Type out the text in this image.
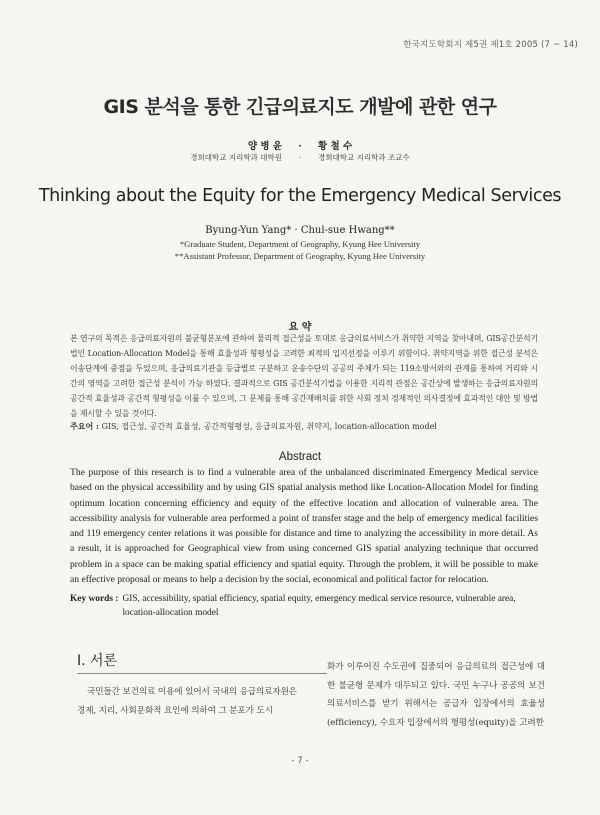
한국지도학회지 제5권 제1호 2005 (7 ~ 14)
GIS 분석을 통한 긴급의료지도 개발에 관한 연구
양 병 윤 · 황 철 수
경희대학교 지리학과 대학원 · 경희대학교 지리학과 조교수
Thinking about the Equity for the Emergency Medical Services
Byung-Yun Yang* · Chul-sue Hwang**
*Graduate Student, Department of Geography, Kyung Hee University
**Assistant Professor, Department of Geography, Kyung Hee University
요 약
본 연구의 목적은 응급의료자원의 불균형분포에 관하여 물리적 접근성을 토대로 응급의료서비스가 취약한 지역을 찾아내며, GIS공간분석기법인 Location-Allocation Model을 통해 효율성과 형평성을 고려한 최적의 입지선정을 이루기 위함이다. 취약지역을 위한 접근성 분석은 이송단계에 중점을 두었으며, 응급의료기관을 등급별로 구분하고 운송수단의 공공의 주체가 되는 119소방서와의 관계를 통하여 거리와 시간의 영역을 고려한 접근성 분석이 가능 하였다. 결과적으로 GIS 공간분석기법을 이용한 지리적 관점은 공간상에 발생하는 응급의료자원의 공간적 효율성과 공간적 형평성을 이룰 수 있으며, 그 문제를 통해 공간재배치를 위한 사회 정치 경제적인 의사결정에 효과적인 대안 및 방법을 제시할 수 있을 것이다.
주요어 : GIS, 접근성, 공간적 효율성, 공간적형평성, 응급의료자원, 취약지, location-allocation model
Abstract
The purpose of this research is to find a vulnerable area of the unbalanced discriminated Emergency Medical service based on the physical accessibility and by using GIS spatial analysis method like Location-Allocation Model for finding optimum location concerning efficiency and equity of the effective location and allocation of vulnerable area. The accessibility analysis for vulnerable area performed a point of transfer stage and the help of emergency medical facilities and 119 emergency center relations it was possible for distance and time to analyzing the accessibility in more detail. As a result, it is approached for Geographical view from using concerned GIS spatial analyzing technique that occurred problem in a space can be making spatial efficiency and spatial equity. Through the problem, it will be possible to make an effective proposal or means to help a decision by the social, economical and political factor for relocation.
Key words : GIS, accessibility, spatial efficiency, spatial equity, emergency medical service resource, vulnerable area, location-allocation model
I. 서론
국민들간 보건의료 이용에 있어서 국내의 응급의료자원은 경제, 지리, 사회문화적 요인에 의하여 그 분포가 도시
화가 이루어진 수도권에 집중되어 응급의료의 접근성에 대한 불균형 문제가 대두되고 있다. 국민 누구나 공공의 보건의료서비스를 받기 위해서는 공급자 입장에서의 효율성(efficiency), 수요자 입장에서의 형평성(equity)을 고려한
- 7 -
